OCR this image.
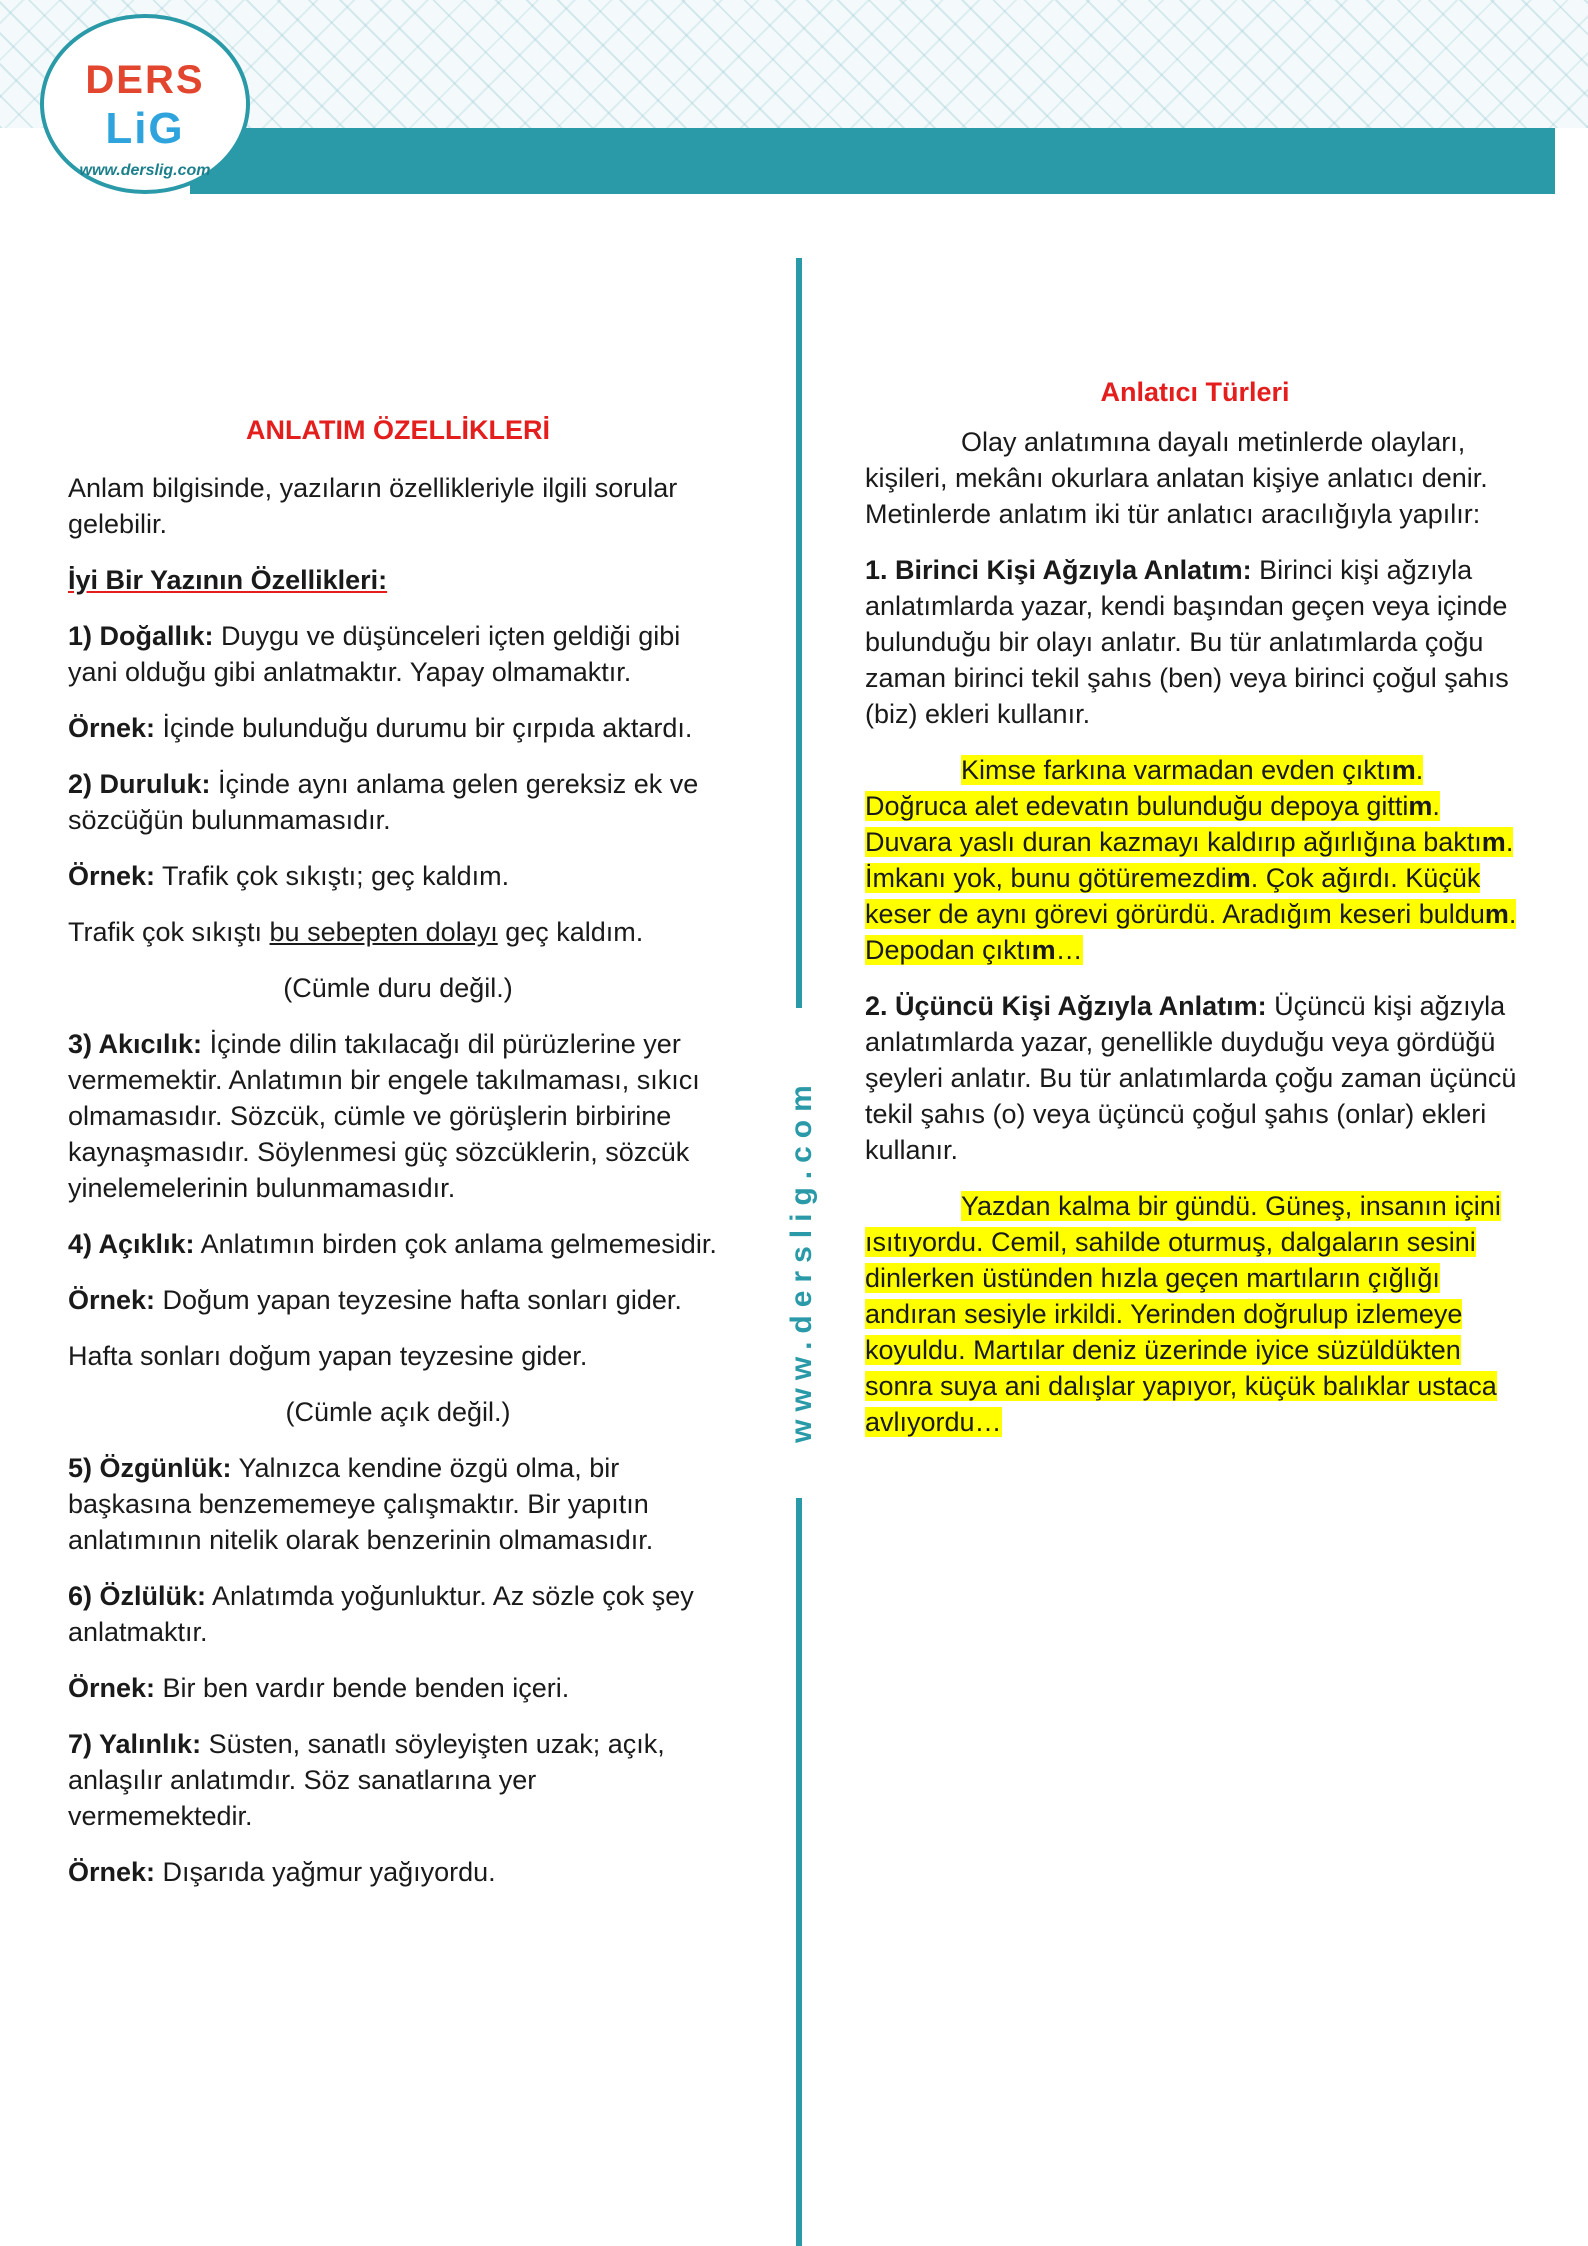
DERS
LiG
www.derslig.com
www.derslig.com

ANLATIM ÖZELLİKLERİ

Anlam bilgisinde, yazıların özellikleriyle ilgili sorular gelebilir.

İyi Bir Yazının Özellikleri:

1) Doğallık: Duygu ve düşünceleri içten geldiği gibi yani olduğu gibi anlatmaktır. Yapay olmamaktır.

Örnek: İçinde bulunduğu durumu bir çırpıda aktardı.

2) Duruluk: İçinde aynı anlama gelen gereksiz ek ve sözcüğün bulunmamasıdır.

Örnek: Trafik çok sıkıştı; geç kaldım.

Trafik çok sıkıştı bu sebepten dolayı geç kaldım.

(Cümle duru değil.)

3) Akıcılık: İçinde dilin takılacağı dil pürüzlerine yer vermemektir. Anlatımın bir engele takılmaması, sıkıcı olmamasıdır. Sözcük, cümle ve görüşlerin birbirine kaynaşmasıdır. Söylenmesi güç sözcüklerin, sözcük yinelemelerinin bulunmamasıdır.

4) Açıklık: Anlatımın birden çok anlama gelmemesidir.

Örnek: Doğum yapan teyzesine hafta sonları gider.

Hafta sonları doğum yapan teyzesine gider.

(Cümle açık değil.)

5) Özgünlük: Yalnızca kendine özgü olma, bir başkasına benzememeye çalışmaktır. Bir yapıtın anlatımının nitelik olarak benzerinin olmamasıdır.

6) Özlülük: Anlatımda yoğunluktur. Az sözle çok şey anlatmaktır.

Örnek: Bir ben vardır bende benden içeri.

7) Yalınlık: Süsten, sanatlı söyleyişten uzak; açık, anlaşılır anlatımdır. Söz sanatlarına yer vermemektedir.

Örnek: Dışarıda yağmur yağıyordu.

Anlatıcı Türleri

Olay anlatımına dayalı metinlerde olayları, kişileri, mekânı okurlara anlatan kişiye anlatıcı denir. Metinlerde anlatım iki tür anlatıcı aracılığıyla yapılır:

1. Birinci Kişi Ağzıyla Anlatım: Birinci kişi ağzıyla anlatımlarda yazar, kendi başından geçen veya içinde bulunduğu bir olayı anlatır. Bu tür anlatımlarda çoğu zaman birinci tekil şahıs (ben) veya birinci çoğul şahıs (biz) ekleri kullanır.

Kimse farkına varmadan evden çıktım. Doğruca alet edevatın bulunduğu depoya gittim. Duvara yaslı duran kazmayı kaldırıp ağırlığına baktım. İmkanı yok, bunu götüremezdim. Çok ağırdı. Küçük keser de aynı görevi görürdü. Aradığım keseri buldum. Depodan çıktım…

2. Üçüncü Kişi Ağzıyla Anlatım: Üçüncü kişi ağzıyla anlatımlarda yazar, genellikle duyduğu veya gördüğü şeyleri anlatır. Bu tür anlatımlarda çoğu zaman üçüncü tekil şahıs (o) veya üçüncü çoğul şahıs (onlar) ekleri kullanır.

Yazdan kalma bir gündü. Güneş, insanın içini ısıtıyordu. Cemil, sahilde oturmuş, dalgaların sesini dinlerken üstünden hızla geçen martıların çığlığı andıran sesiyle irkildi. Yerinden doğrulup izlemeye koyuldu. Martılar deniz üzerinde iyice süzüldükten sonra suya ani dalışlar yapıyor, küçük balıklar ustaca avlıyordu…
